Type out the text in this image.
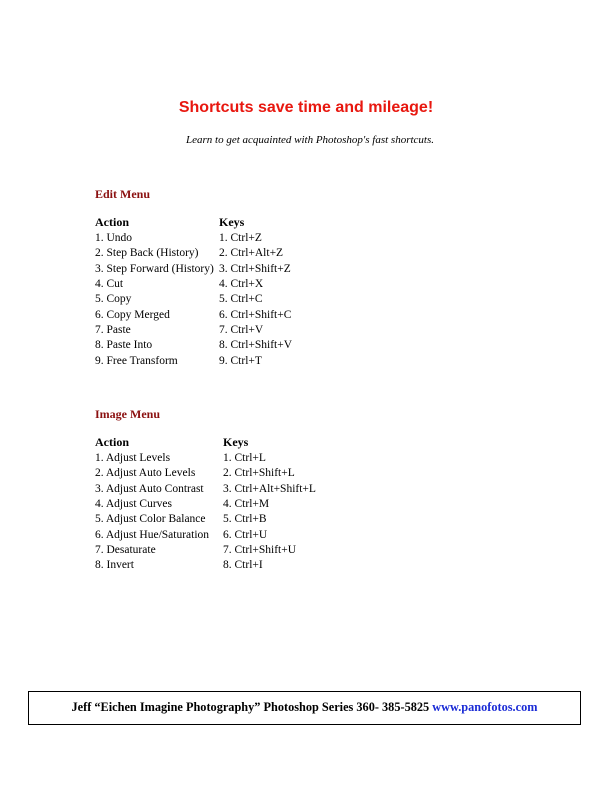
Shortcuts save time and mileage!
Learn to get acquainted with Photoshop's fast shortcuts.
Edit Menu
Action	Keys
1. Undo	1. Ctrl+Z
2. Step Back (History)	2. Ctrl+Alt+Z
3. Step Forward (History)	3. Ctrl+Shift+Z
4. Cut	4. Ctrl+X
5. Copy	5. Ctrl+C
6. Copy Merged	6. Ctrl+Shift+C
7. Paste	7. Ctrl+V
8. Paste Into	8. Ctrl+Shift+V
9. Free Transform	9. Ctrl+T
Image Menu
Action	Keys
1. Adjust Levels	1. Ctrl+L
2. Adjust Auto Levels	2. Ctrl+Shift+L
3. Adjust Auto Contrast	3. Ctrl+Alt+Shift+L
4. Adjust Curves	4. Ctrl+M
5. Adjust Color Balance	5. Ctrl+B
6. Adjust Hue/Saturation	6. Ctrl+U
7. Desaturate	7. Ctrl+Shift+U
8. Invert	8. Ctrl+I
Jeff “Eichen Imagine Photography” Photoshop Series 360- 385-5825 www.panofotos.com
